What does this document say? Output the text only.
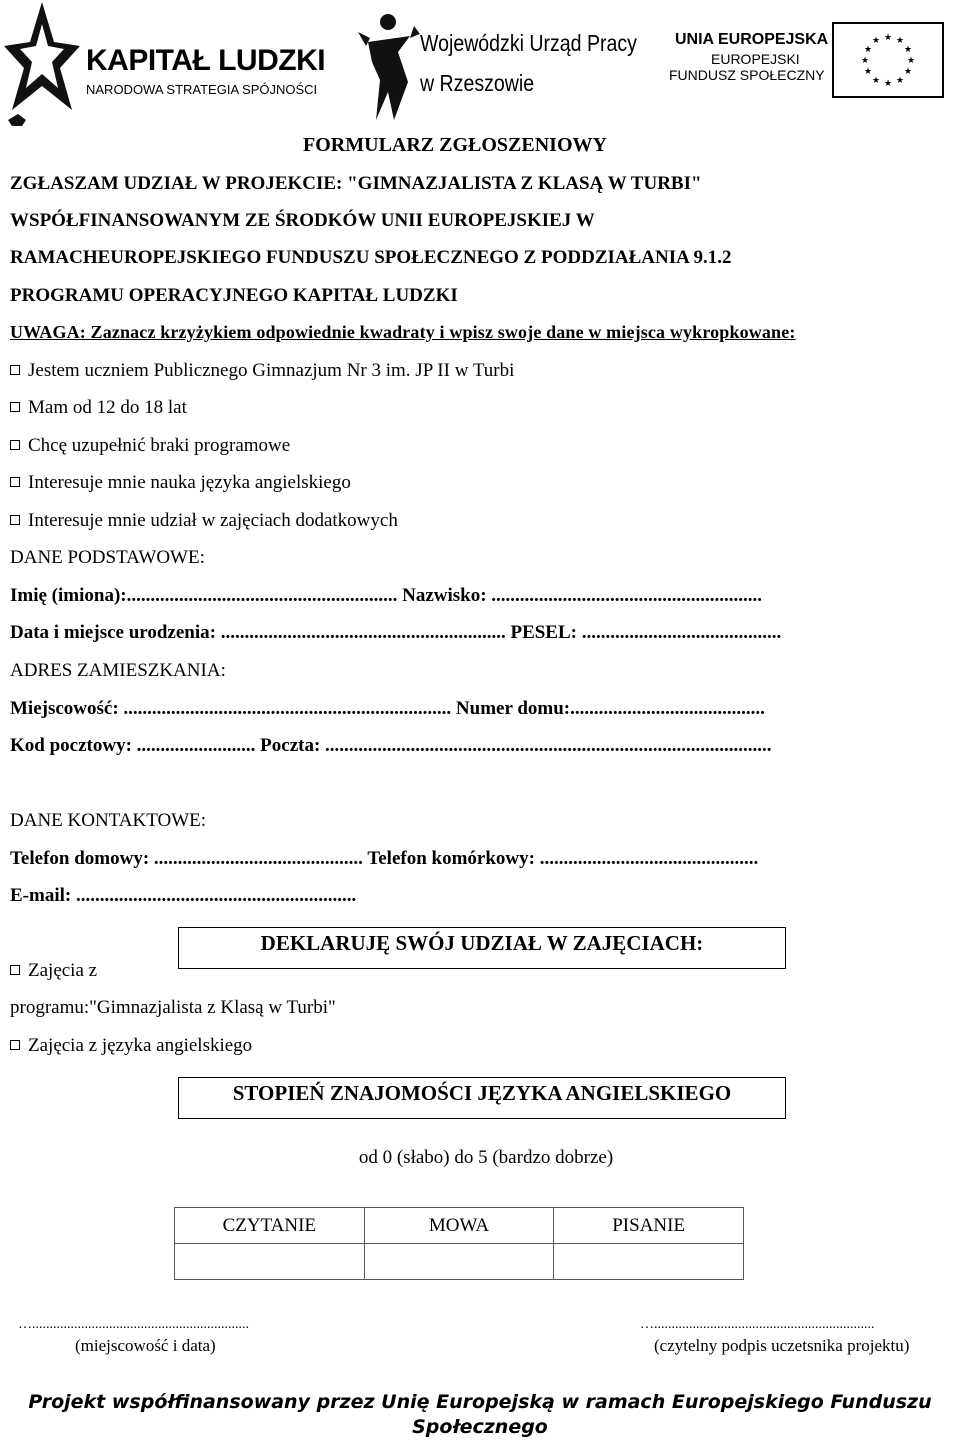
KAPITAŁ LUDZKI
NARODOWA STRATEGIA SPÓJNOŚCI
Wojewódzki Urząd Pracy
w Rzeszowie
UNIA EUROPEJSKA
EUROPEJSKI
FUNDUSZ SPOŁECZNY
★ ★
★
★
★
★
★
★
★
★
★
★
FORMULARZ ZGŁOSZENIOWY
ZGŁASZAM UDZIAŁ W PROJEKCIE: "GIMNAZJALISTA Z KLASĄ W TURBI"
WSPÓŁFINANSOWANYM ZE ŚRODKÓW UNII EUROPEJSKIEJ W
RAMACHEUROPEJSKIEGO FUNDUSZU SPOŁECZNEGO Z PODDZIAŁANIA 9.1.2
PROGRAMU OPERACYJNEGO KAPITAŁ LUDZKI
UWAGA: Zaznacz krzyżykiem odpowiednie kwadraty i wpisz swoje dane w miejsca wykropkowane:
Jestem uczniem Publicznego Gimnazjum Nr 3 im. JP II w Turbi
Mam od 12 do 18 lat
Chcę uzupełnić braki programowe
Interesuje mnie nauka języka angielskiego
Interesuje mnie udział w zajęciach dodatkowych
DANE PODSTAWOWE:
Imię (imiona):......................................................... Nazwisko: .........................................................
Data i miejsce urodzenia: ............................................................ PESEL: ..........................................
ADRES ZAMIESZKANIA:
Miejscowość: ..................................................................... Numer domu:.........................................
Kod pocztowy: ......................... Poczta: ..............................................................................................
DANE KONTAKTOWE:
Telefon domowy: ............................................ Telefon komórkowy: ..............................................
E-mail: ...........................................................
DEKLARUJĘ SWÓJ UDZIAŁ W ZAJĘCIACH:
Zajęcia z
programu:"Gimnazjalista z Klasą w Turbi"
Zajęcia z języka angielskiego
STOPIEŃ ZNAJOMOŚCI JĘZYKA ANGIELSKIEGO
od 0 (słabo) do 5 (bardzo dobrze)
CZYTANIE	MOWA	PISANIE

…..............................................................	…...............................................................
(miejscowość i data)	(czytelny podpis uczetsnika projektu)
Projekt współfinansowany przez Unię Europejską w ramach Europejskiego Funduszu
Społecznego
